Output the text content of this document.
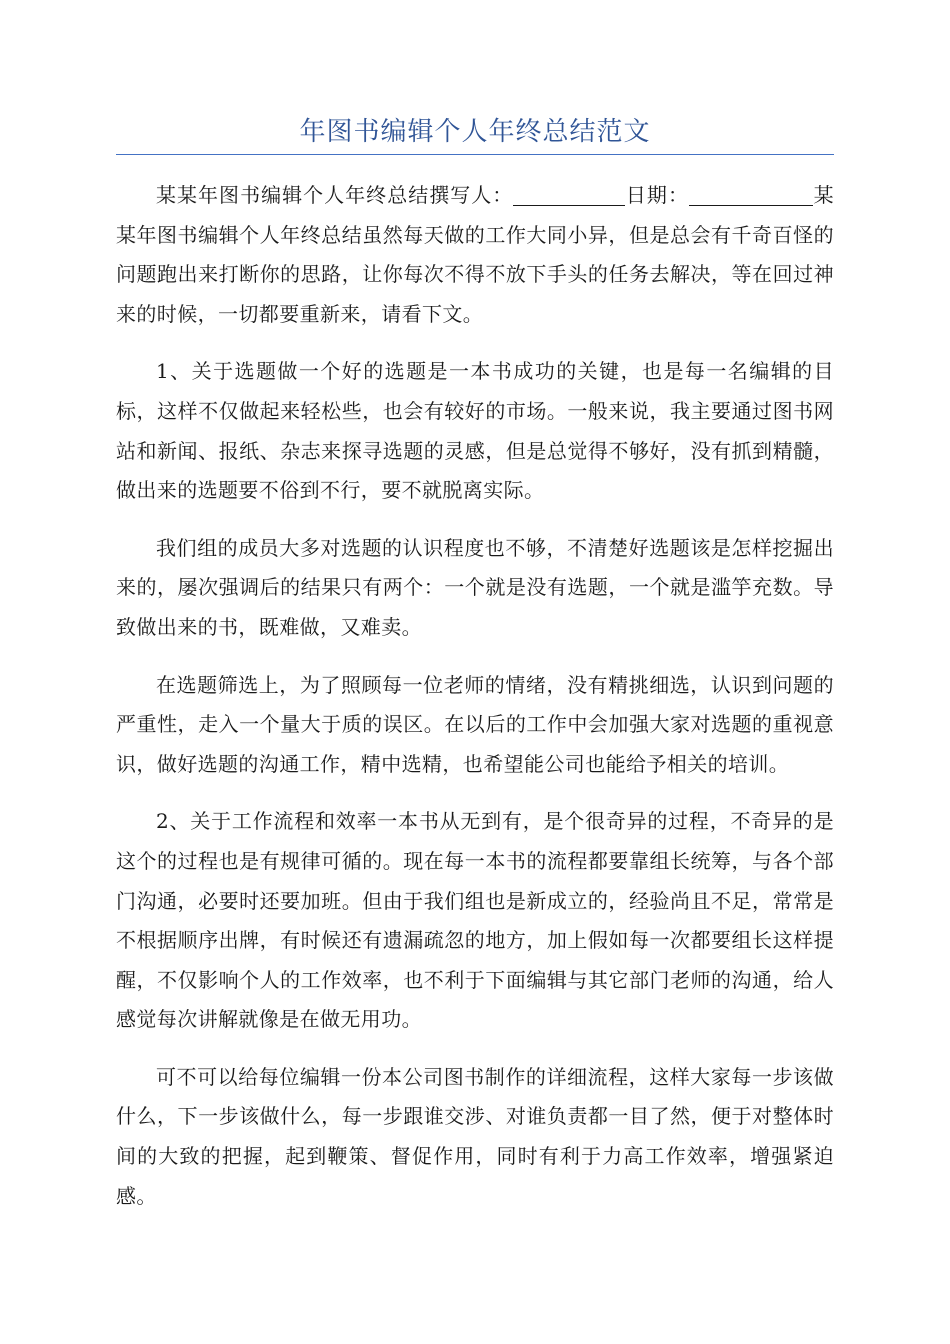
年图书编辑个人年终总结范文

某某年图书编辑个人年终总结撰写人：	日期：	某某年图书编辑个人年终总结虽然每天做的工作大同小异，但是总会有千奇百怪的问题跑出来打断你的思路，让你每次不得不放下手头的任务去解决，等在回过神来的时候，一切都要重新来，请看下文。

1、关于选题做一个好的选题是一本书成功的关键，也是每一名编辑的目标，这样不仅做起来轻松些，也会有较好的市场。一般来说，我主要通过图书网站和新闻、报纸、杂志来探寻选题的灵感，但是总觉得不够好，没有抓到精髓，做出来的选题要不俗到不行，要不就脱离实际。

我们组的成员大多对选题的认识程度也不够，不清楚好选题该是怎样挖掘出来的，屡次强调后的结果只有两个：一个就是没有选题，一个就是滥竽充数。导致做出来的书，既难做，又难卖。

在选题筛选上，为了照顾每一位老师的情绪，没有精挑细选，认识到问题的严重性，走入一个量大于质的误区。在以后的工作中会加强大家对选题的重视意识，做好选题的沟通工作，精中选精，也希望能公司也能给予相关的培训。

2、关于工作流程和效率一本书从无到有，是个很奇异的过程，不奇异的是这个的过程也是有规律可循的。现在每一本书的流程都要靠组长统筹，与各个部门沟通，必要时还要加班。但由于我们组也是新成立的，经验尚且不足，常常是不根据顺序出牌，有时候还有遗漏疏忽的地方，加上假如每一次都要组长这样提醒，不仅影响个人的工作效率，也不利于下面编辑与其它部门老师的沟通，给人感觉每次讲解就像是在做无用功。

可不可以给每位编辑一份本公司图书制作的详细流程，这样大家每一步该做什么，下一步该做什么，每一步跟谁交涉、对谁负责都一目了然，便于对整体时间的大致的把握，起到鞭策、督促作用，同时有利于力高工作效率，增强紧迫感。
